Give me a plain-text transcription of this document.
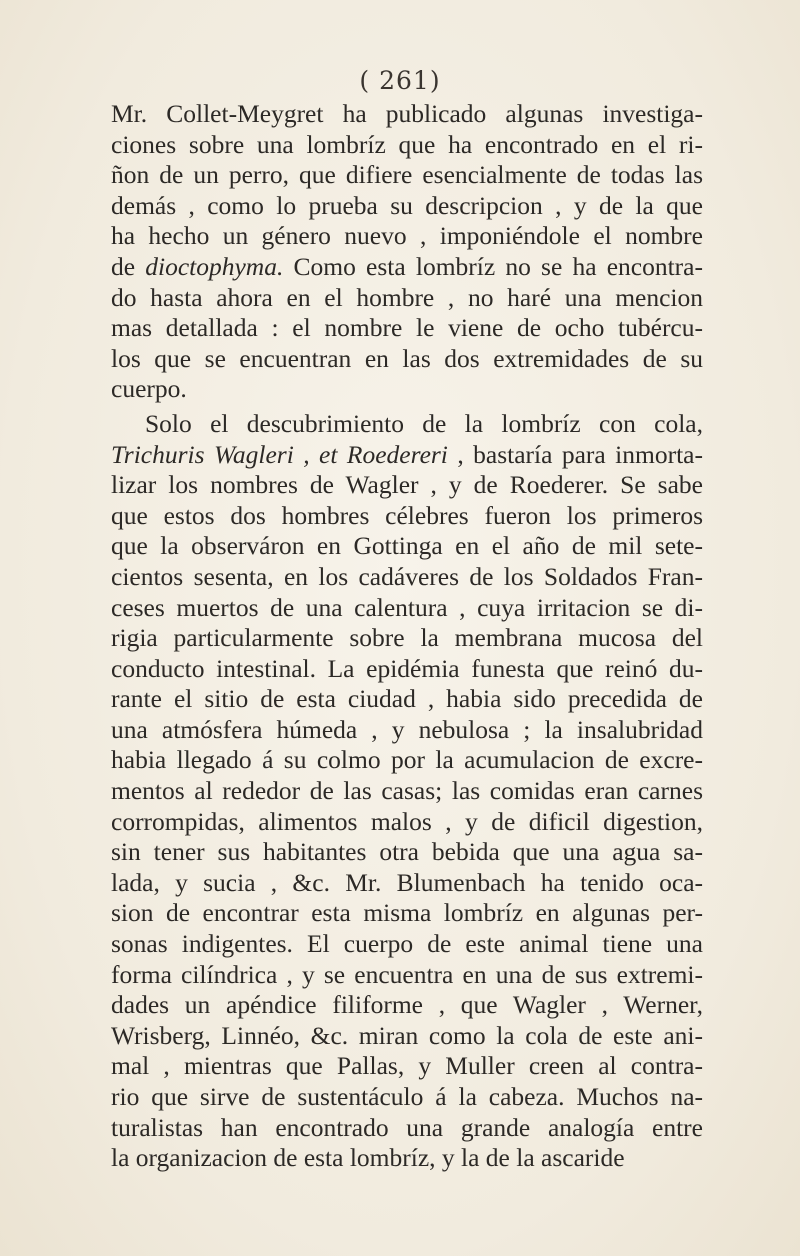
( 261)
Mr. Collet-Meygret ha publicado algunas investiga-
ciones sobre una lombríz que ha encontrado en el ri-
ñon de un perro, que difiere esencialmente de todas las
demás , como lo prueba su descripcion , y de la que
ha hecho un género nuevo , imponiéndole el nombre
de dioctophyma. Como esta lombríz no se ha encontra-
do hasta ahora en el hombre , no haré una mencion
mas detallada : el nombre le viene de ocho tubércu-
los que se encuentran en las dos extremidades de su
cuerpo.
Solo el descubrimiento de la lombríz con cola,
Trichuris Wagleri , et Roedereri , bastaría para inmorta-
lizar los nombres de Wagler , y de Roederer. Se sabe
que estos dos hombres célebres fueron los primeros
que la observáron en Gottinga en el año de mil sete-
cientos sesenta, en los cadáveres de los Soldados Fran-
ceses muertos de una calentura , cuya irritacion se di-
rigia particularmente sobre la membrana mucosa del
conducto intestinal. La epidémia funesta que reinó du-
rante el sitio de esta ciudad , habia sido precedida de
una atmósfera húmeda , y nebulosa ; la insalubridad
habia llegado á su colmo por la acumulacion de excre-
mentos al rededor de las casas; las comidas eran carnes
corrompidas, alimentos malos , y de dificil digestion,
sin tener sus habitantes otra bebida que una agua sa-
lada, y sucia , &c. Mr. Blumenbach ha tenido oca-
sion de encontrar esta misma lombríz en algunas per-
sonas indigentes. El cuerpo de este animal tiene una
forma cilíndrica , y se encuentra en una de sus extremi-
dades un apéndice filiforme , que Wagler , Werner,
Wrisberg, Linnéo, &c. miran como la cola de este ani-
mal , mientras que Pallas, y Muller creen al contra-
rio que sirve de sustentáculo á la cabeza. Muchos na-
turalistas han encontrado una grande analogía entre
la organizacion de esta lombríz, y la de la ascaride
